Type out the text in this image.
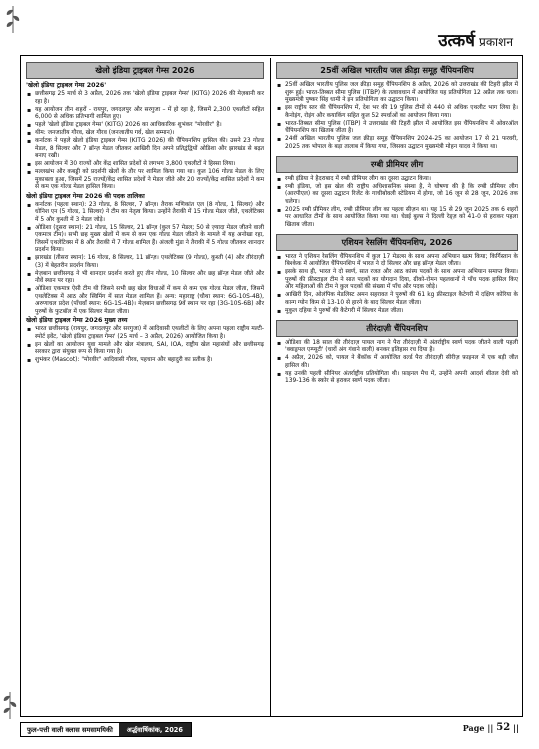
उत्कर्ष प्रकाशन
खेलो इंडिया ट्राइबल गेम्स 2026
'खेलो इंडिया ट्राइबल गेम्स 2026'
▪ छत्तीसगढ़ 25 मार्च से 3 अप्रैल, 2026 तक 'खेलो इंडिया ट्राइबल गेम्स' (KITG) 2026 की मेज़बानी कर रहा है।
▪ यह आयोजन तीन शहरों - रायपुर, जगदलपुर और सरगुजा – में हो रहा है, जिसमें 2,300 एथलीटों सहित 6,000 से अधिक प्रतिभागी शामिल हुए।
▪ पहले 'खेलो इंडिया ट्राइबल गेम्स' (KITG) 2026 का आधिकारिक शुभंकर "मोरवीर" है।
▪ थीम: जनजातीय गौरव, खेल गौरव (जनजातीय गर्व, खेल सम्मान)।
▪ कर्नाटक ने पहले खेलो इंडिया ट्राइबल गेम्स (KITG 2026) की चैंपियनशिप हासिल की। उसने 23 गोल्ड मेडल, 8 सिल्वर और 7 ब्रॉन्ज़ मेडल जीतकर आखिरी दिन अपने प्रतिद्वंद्वियों ओडिशा और झारखंड से बढ़त बनाए रखी।
▪ इस आयोजन में 30 राज्यों और केंद्र शासित प्रदेशों से लगभग 3,800 एथलीटों ने हिस्सा लिया।
▪ मल्लखंभ और कबड्डी को प्रदर्शनी खेलों के तौर पर शामिल किया गया था। कुल 106 गोल्ड मेडल के लिए मुकाबला हुआ, जिसमें 25 राज्यों/केंद्र शासित प्रदेशों ने मेडल जीते और 20 राज्यों/केंद्र शासित प्रदेशों ने कम से कम एक गोल्ड मेडल हासिल किया।
खेलो इंडिया ट्राइबल गेम्स 2026 की पदक तालिका
▪ कर्नाटक (पहला स्थान): 23 गोल्ड, 8 सिल्वर, 7 ब्रॉन्ज़। तैराक मणिकांत एल (8 गोल्ड, 1 सिल्वर) और धोनिश एन (5 गोल्ड, 1 सिल्वर) ने टीम का नेतृत्व किया। उन्होंने तैराकी में 15 गोल्ड मेडल जीते, एथलेटिक्स में 5 और कुश्ती में 3 मेडल जोड़े।
▪ ओडिशा (दूसरा स्थान): 21 गोल्ड, 15 सिल्वर, 21 ब्रॉन्ज़ (कुल 57 मेडल; 50 से ज़्यादा मेडल जीतने वाली एकमात्र टीम)। सभी छह मुख्य खेलों में कम से कम एक गोल्ड मेडल जीतने के मामले में यह अनोखा रहा, जिसमें एथलेटिक्स में 8 और तैराकी में 7 गोल्ड शामिल हैं। अंजली मुंडा ने तैराकी में 5 गोल्ड जीतकर शानदार प्रदर्शन किया।
▪ झारखंड (तीसरा स्थान): 16 गोल्ड, 8 सिल्वर, 11 ब्रॉन्ज़। एथलेटिक्स (9 गोल्ड), कुश्ती (4) और तीरंदाज़ी (3) में बेहतरीन प्रदर्शन किया।
▪ मेज़बान छत्तीसगढ़ ने भी शानदार प्रदर्शन करते हुए तीन गोल्ड, 10 सिल्वर और छह ब्रॉन्ज़ मेडल जीते और नौवें स्थान पर रहा।
▪ ओडिशा एकमात्र ऐसी टीम थी जिसने सभी छह खेल विधाओं में कम से कम एक गोल्ड मेडल जीता, जिसमें एथलेटिक्स में आठ और स्विमिंग में सात मेडल शामिल हैं। अन्य: महाराष्ट्र (चौथा स्थान: 6G-10S-4B), अरुणाचल प्रदेश (पाँचवाँ स्थान: 6G-1S-4B)। मेज़बान छत्तीसगढ़ 9वें स्थान पर रहा (3G-10S-6B) और पुरुषों के फुटबॉल में एक सिल्वर मेडल जीता।
खेलो इंडिया ट्राइबल गेम्स 2026 मुख्य तथ्य
▪ भारत छत्तीसगढ़ (रायपुर, जगदलपुर और सरगुजा) में आदिवासी एथलीटों के लिए अपना पहला राष्ट्रीय मल्टी-स्पोर्ट इवेंट, 'खेलो इंडिया ट्राइबल गेम्स' (25 मार्च – 3 अप्रैल, 2026) आयोजित किया है।
▪ इन खेलों का आयोजन युवा मामले और खेल मंत्रालय, SAI, IOA, राष्ट्रीय खेल महासंघों और छत्तीसगढ़ सरकार द्वारा संयुक्त रूप से किया गया है।
▪ शुभंकर (Mascot): "मोरवीर" आदिवासी गौरव, पहचान और बहादुरी का प्रतीक है।
25वीं अखिल भारतीय जल क्रीड़ा समूह चैंपियनशिप
▪ 25वीं अखिल भारतीय पुलिस जल क्रीड़ा समूह चैंपियनशिप 8 अप्रैल, 2026 को उत्तराखंड की टिहरी झील में शुरू हुई। भारत-तिब्बत सीमा पुलिस (ITBP) के तत्वावधान में आयोजित यह प्रतियोगिता 12 अप्रैल तक चला। मुख्यमंत्री पुष्कर सिंह धामी ने इन प्रतियोगिता का उद्घाटन किया।
▪ इस राष्ट्रीय स्तर की चैंपियनशिप में, देश भर की 19 पुलिस टीमों से 440 से अधिक एथलीट भाग लिया है। कैनोइंग, रोइंग और कयाकिंग सहित कुल 52 स्पर्धाओं का आयोजन किया गया।
▪ भारत-तिब्बत सीमा पुलिस (ITBP) ने उत्तराखंड की टिहरी झील में आयोजित इस चैंपियनशिप में ओवरऑल चैंपियनशिप का खिताब जीता है।
▪ 24वीं अखिल भारतीय पुलिस जल क्रीड़ा समूह चैंपियनशिप 2024-25 का आयोजन 17 से 21 फरवरी, 2025 तक भोपाल के बड़ा तालाब में किया गया, जिसका उद्घाटन मुख्यमंत्री मोहन यादव ने किया था।
रग्बी प्रीमियर लीग
▪ रग्बी इंडिया ने हैदराबाद में रग्बी प्रीमियर लीग का दूसरा उद्घाटन किया।
▪ रग्बी इंडिया, जो इस खेल की राष्ट्रीय अधिशासनिक संस्था है, ने घोषणा की है कि रग्बी प्रीमियर लीग (आरपीएल) का दूसरा उद्घाटन रिजेंट के गाचीबोवली स्टेडियम में होगा, जो 16 जून से 28 जून, 2026 तक चलेगा।
▪ 2025 रग्बी प्रीमियर लीग, रग्बी प्रीमियर लीग का पहला सीज़न था। यह 15 से 29 जून 2025 तक 6 शहरों पर आधारित टीमों के साथ आयोजित किया गया था। चेन्नई बुल्स ने दिल्ली रेड्ज़ को 41-0 से हराकर पहला खिताब जीता।
एशियन रेसलिंग चैंपियनशिप, 2026
▪ भारत ने एशियन रेसलिंग चैंपियनशिप में कुल 17 मेडल्स के साथ अपना अभियान खत्म किया; किर्गिस्तान के बिश्केक में आयोजित चैंपियनशिप में भारत ने दो सिल्वर और छह ब्रॉन्ज़ मेडल जीता।
▪ इसके साथ ही, भारत ने दो स्वर्ण, सात रजत और आठ कांस्य पदकों के साथ अपना अभियान समाप्त किया। पुरुषों की फ्रीस्टाइल टीम ने सात पदकों का योगदान दिया, ग्रीको-रोमन पहलवानों ने पाँच पदक हासिल किए और महिलाओं की टीम ने कुल पदकों की संख्या में पाँच और पदक जोड़े।
▪ आखिरी दिन, ओलंपिक मेडलिस्ट अमन सहरावत ने पुरुषों की 61 kg फ्रीस्टाइल कैटेगरी में दक्षिण कोरिया के कान्ग ग्योन किम से 13-10 से हारने के बाद सिल्वर मेडल जीता।
▪ मुकुल दहिया ने पुरुषों की कैटेगरी में सिल्वर मेडल जीता।
तीरंदाज़ी चैंपियनशिप
▪ ओडिशा की 18 साल की तीरंदाज़ पायल नाग ने पैरा तीरंदाज़ी में अंतर्राष्ट्रीय स्वर्ण पदक जीतने वाली पहली 'क्वाड्रपल एम्प्यूटी' (चारों अंग गंवाने वाली) बनकर इतिहास रच दिया है।
▪ 4 अप्रैल, 2026 को, पायल ने बैंकॉक में आयोजित वर्ल्ड पैरा तीरंदाज़ी सीरीज़ फ़ाइनल में एक बड़ी जीत हासिल की।
▪ यह उनकी पहली सीनियर अंतर्राष्ट्रीय प्रतियोगिता थी। फ़ाइनल मैच में, उन्होंने अपनी आदर्श शीतल देवी को 139-136 के स्कोर से हराकर स्वर्ण पदक जीता।
फुल-पत्ती वाली क्लास समसामयिकी	अर्द्धवार्षिकांक, 2026	Page || 52 ||
